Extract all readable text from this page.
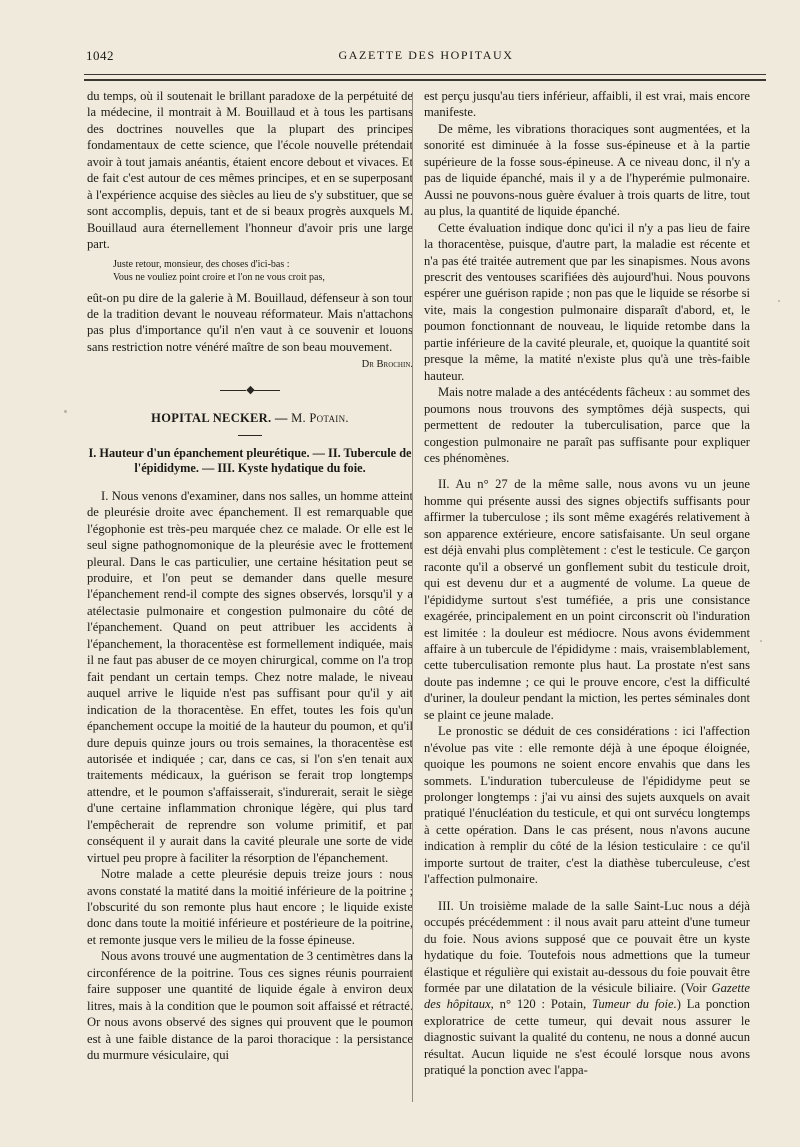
1042	GAZETTE DES HOPITAUX

du temps, où il soutenait le brillant paradoxe de la perpétuité de la médecine, il montrait à M. Bouillaud et à tous les partisans des doctrines nouvelles que la plupart des principes fondamentaux de cette science, que l'école nouvelle prétendait avoir à tout jamais anéantis, étaient encore debout et vivaces. Et de fait c'est autour de ces mêmes principes, et en se superposant à l'expérience acquise des siècles au lieu de s'y substituer, que se sont accomplis, depuis, tant et de si beaux progrès auxquels M. Bouillaud aura éternellement l'honneur d'avoir pris une large part.

Juste retour, monsieur, des choses d'ici-bas :
Vous ne vouliez point croire et l'on ne vous croit pas,

eût-on pu dire de la galerie à M. Bouillaud, défenseur à son tour de la tradition devant le nouveau réformateur. Mais n'attachons pas plus d'importance qu'il n'en vaut à ce souvenir et louons sans restriction notre vénéré maître de son beau mouvement.
Dr Brochin.

◆
HOPITAL NECKER. — M. Potain.
I. Hauteur d'un épanchement pleurétique. — II. Tubercule de l'épididyme. — III. Kyste hydatique du foie.

I. Nous venons d'examiner, dans nos salles, un homme atteint de pleurésie droite avec épanchement. Il est remarquable que l'égophonie est très-peu marquée chez ce malade. Or elle est le seul signe pathognomonique de la pleurésie avec le frottement pleural. Dans le cas particulier, une certaine hésitation peut se produire, et l'on peut se demander dans quelle mesure l'épanchement rend-il compte des signes observés, lorsqu'il y a atélectasie pulmonaire et congestion pulmonaire du côté de l'épanchement. Quand on peut attribuer les accidents à l'épanchement, la thoracentèse est formellement indiquée, mais il ne faut pas abuser de ce moyen chirurgical, comme on l'a trop fait pendant un certain temps. Chez notre malade, le niveau auquel arrive le liquide n'est pas suffisant pour qu'il y ait indication de la thoracentèse. En effet, toutes les fois qu'un épanchement occupe la moitié de la hauteur du poumon, et qu'il dure depuis quinze jours ou trois semaines, la thoracentèse est autorisée et indiquée ; car, dans ce cas, si l'on s'en tenait aux traitements médicaux, la guérison se ferait trop longtemps attendre, et le poumon s'affaisserait, s'indurerait, serait le siège d'une certaine inflammation chronique légère, qui plus tard l'empêcherait de reprendre son volume primitif, et par conséquent il y aurait dans la cavité pleurale une sorte de vide virtuel peu propre à faciliter la résorption de l'épanchement.

Notre malade a cette pleurésie depuis treize jours : nous avons constaté la matité dans la moitié inférieure de la poitrine ; l'obscurité du son remonte plus haut encore ; le liquide existe donc dans toute la moitié inférieure et postérieure de la poitrine, et remonte jusque vers le milieu de la fosse épineuse.

Nous avons trouvé une augmentation de 3 centimètres dans la circonférence de la poitrine. Tous ces signes réunis pourraient faire supposer une quantité de liquide égale à environ deux litres, mais à la condition que le poumon soit affaissé et rétracté. Or nous avons observé des signes qui prouvent que le poumon est à une faible distance de la paroi thoracique : la persistance du murmure vésiculaire, qui

est perçu jusqu'au tiers inférieur, affaibli, il est vrai, mais encore manifeste.

De même, les vibrations thoraciques sont augmentées, et la sonorité est diminuée à la fosse sus-épineuse et à la partie supérieure de la fosse sous-épineuse. A ce niveau donc, il n'y a pas de liquide épanché, mais il y a de l'hyperémie pulmonaire. Aussi ne pouvons-nous guère évaluer à trois quarts de litre, tout au plus, la quantité de liquide épanché.

Cette évaluation indique donc qu'ici il n'y a pas lieu de faire la thoracentèse, puisque, d'autre part, la maladie est récente et n'a pas été traitée autrement que par les sinapismes. Nous avons prescrit des ventouses scarifiées dès aujourd'hui. Nous pouvons espérer une guérison rapide ; non pas que le liquide se résorbe si vite, mais la congestion pulmonaire disparaît d'abord, et, le poumon fonctionnant de nouveau, le liquide retombe dans la partie inférieure de la cavité pleurale, et, quoique la quantité soit presque la même, la matité n'existe plus qu'à une très-faible hauteur.

Mais notre malade a des antécédents fâcheux : au sommet des poumons nous trouvons des symptômes déjà suspects, qui permettent de redouter la tuberculisation, parce que la congestion pulmonaire ne paraît pas suffisante pour expliquer ces phénomènes.

II. Au n° 27 de la même salle, nous avons vu un jeune homme qui présente aussi des signes objectifs suffisants pour affirmer la tuberculose ; ils sont même exagérés relativement à son apparence extérieure, encore satisfaisante. Un seul organe est déjà envahi plus complètement : c'est le testicule. Ce garçon raconte qu'il a observé un gonflement subit du testicule droit, qui est devenu dur et a augmenté de volume. La queue de l'épididyme surtout s'est tuméfiée, a pris une consistance exagérée, principalement en un point circonscrit où l'induration est limitée : la douleur est médiocre. Nous avons évidemment affaire à un tubercule de l'épididyme : mais, vraisemblablement, cette tuberculisation remonte plus haut. La prostate n'est sans doute pas indemne ; ce qui le prouve encore, c'est la difficulté d'uriner, la douleur pendant la miction, les pertes séminales dont se plaint ce jeune malade.

Le pronostic se déduit de ces considérations : ici l'affection n'évolue pas vite : elle remonte déjà à une époque éloignée, quoique les poumons ne soient encore envahis que dans les sommets. L'induration tuberculeuse de l'épididyme peut se prolonger longtemps : j'ai vu ainsi des sujets auxquels on avait pratiqué l'énucléation du testicule, et qui ont survécu longtemps à cette opération. Dans le cas présent, nous n'avons aucune indication à remplir du côté de la lésion testiculaire : ce qu'il importe surtout de traiter, c'est la diathèse tuberculeuse, c'est l'affection pulmonaire.

III. Un troisième malade de la salle Saint-Luc nous a déjà occupés précédemment : il nous avait paru atteint d'une tumeur du foie. Nous avions supposé que ce pouvait être un kyste hydatique du foie. Toutefois nous admettions que la tumeur élastique et régulière qui existait au-dessous du foie pouvait être formée par une dilatation de la vésicule biliaire. (Voir Gazette des hôpitaux, n° 120 : Potain, Tumeur du foie.) La ponction exploratrice de cette tumeur, qui devait nous assurer le diagnostic suivant la qualité du contenu, ne nous a donné aucun résultat. Aucun liquide ne s'est écoulé lorsque nous avons pratiqué la ponction avec l'appa-
